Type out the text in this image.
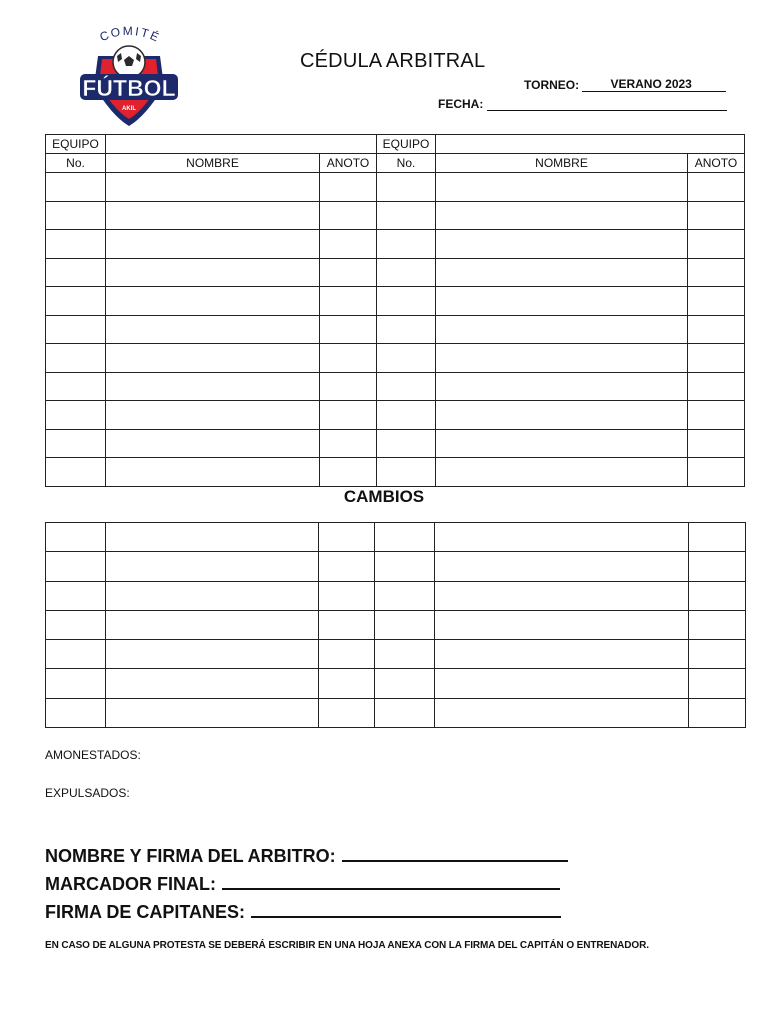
COMITÉ
FÚTBOL
AKIL
CÉDULA ARBITRAL
TORNEO:	VERANO 2023
FECHA:
EQUIPO			EQUIPO		
No.	NOMBRE	ANOTO	No.	NOMBRE	ANOTO

CAMBIOS

AMONESTADOS:
EXPULSADOS:
NOMBRE Y FIRMA DEL ARBITRO:
MARCADOR FINAL:
FIRMA DE CAPITANES:
EN CASO DE ALGUNA PROTESTA SE DEBERÁ ESCRIBIR EN UNA HOJA ANEXA CON LA FIRMA DEL CAPITÁN O ENTRENADOR.
